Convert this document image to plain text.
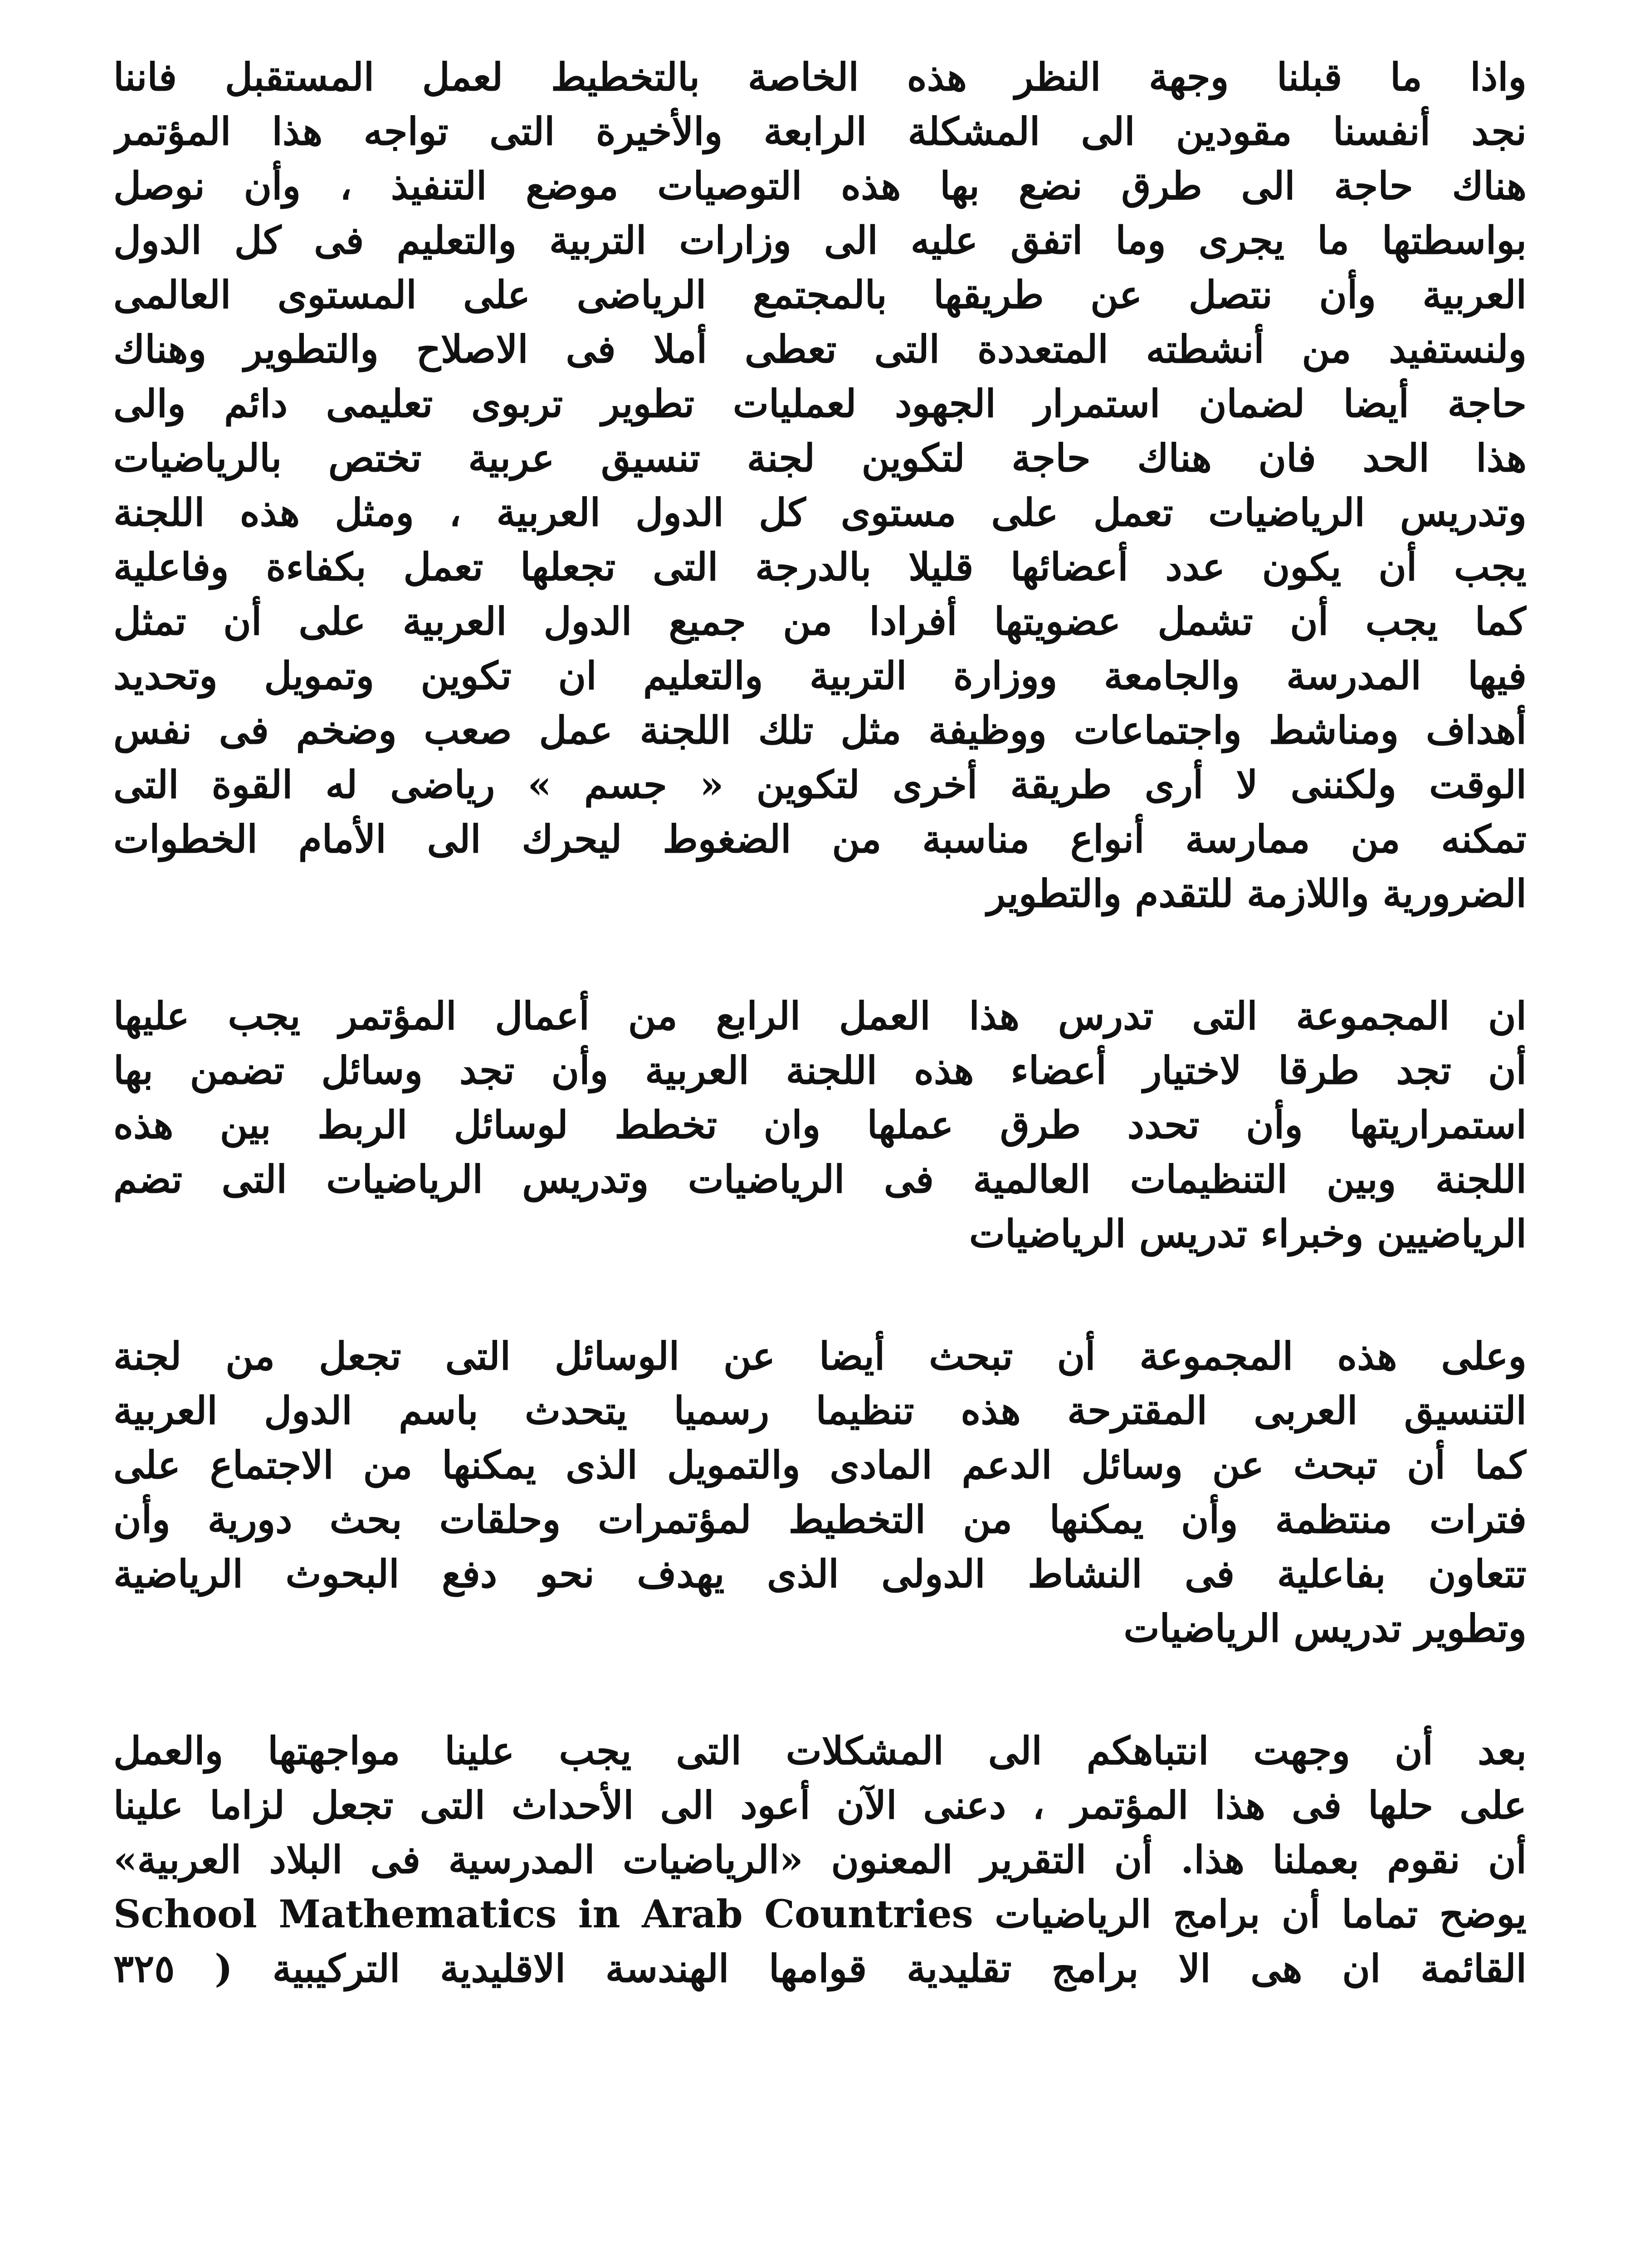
واذا ما قبلنا وجهة النظر هذه الخاصة بالتخطيط لعمل المستقبل فاننا
نجد أنفسنا مقودين الى المشكلة الرابعة والأخيرة التى تواجه هذا المؤتمر
هناك حاجة الى طرق نضع بها هذه التوصيات موضع التنفيذ ، وأن نوصل
بواسطتها ما يجرى وما اتفق عليه الى وزارات التربية والتعليم فى كل الدول
العربية وأن نتصل عن طريقها بالمجتمع الرياضى على المستوى العالمى
ولنستفيد من أنشطته المتعددة التى تعطى أملا فى الاصلاح والتطوير وهناك
حاجة أيضا لضمان استمرار الجهود لعمليات تطوير تربوى تعليمى دائم والى
هذا الحد فان هناك حاجة لتكوين لجنة تنسيق عربية تختص بالرياضيات
وتدريس الرياضيات تعمل على مستوى كل الدول العربية ، ومثل هذه اللجنة
يجب أن يكون عدد أعضائها قليلا بالدرجة التى تجعلها تعمل بكفاءة وفاعلية
كما يجب أن تشمل عضويتها أفرادا من جميع الدول العربية على أن تمثل
فيها المدرسة والجامعة ووزارة التربية والتعليم ان تكوين وتمويل وتحديد
أهداف ومناشط واجتماعات ووظيفة مثل تلك اللجنة عمل صعب وضخم فى نفس
الوقت ولكننى لا أرى طريقة أخرى لتكوين « جسم » رياضى له القوة التى
تمكنه من ممارسة أنواع مناسبة من الضغوط ليحرك الى الأمام الخطوات
الضرورية واللازمة للتقدم والتطوير
ان المجموعة التى تدرس هذا العمل الرابع من أعمال المؤتمر يجب عليها
أن تجد طرقا لاختيار أعضاء هذه اللجنة العربية وأن تجد وسائل تضمن بها
استمراريتها وأن تحدد طرق عملها وان تخطط لوسائل الربط بين هذه
اللجنة وبين التنظيمات العالمية فى الرياضيات وتدريس الرياضيات التى تضم
الرياضيين وخبراء تدريس الرياضيات
وعلى هذه المجموعة أن تبحث أيضا عن الوسائل التى تجعل من لجنة
التنسيق العربى المقترحة هذه تنظيما رسميا يتحدث باسم الدول العربية
كما أن تبحث عن وسائل الدعم المادى والتمويل الذى يمكنها من الاجتماع على
فترات منتظمة وأن يمكنها من التخطيط لمؤتمرات وحلقات بحث دورية وأن
تتعاون بفاعلية فى النشاط الدولى الذى يهدف نحو دفع البحوث الرياضية
وتطوير تدريس الرياضيات
بعد أن وجهت انتباهكم الى المشكلات التى يجب علينا مواجهتها والعمل
على حلها فى هذا المؤتمر ، دعنى الآن أعود الى الأحداث التى تجعل لزاما علينا
أن نقوم بعملنا هذا. أن التقرير المعنون «الرياضيات المدرسية فى البلاد العربية»
School Mathematics in Arab Countries يوضح تماما أن برامج الرياضيات
القائمة ان هى الا برامج تقليدية قوامها الهندسة الاقليدية التركيبية ( ٣٢٥
